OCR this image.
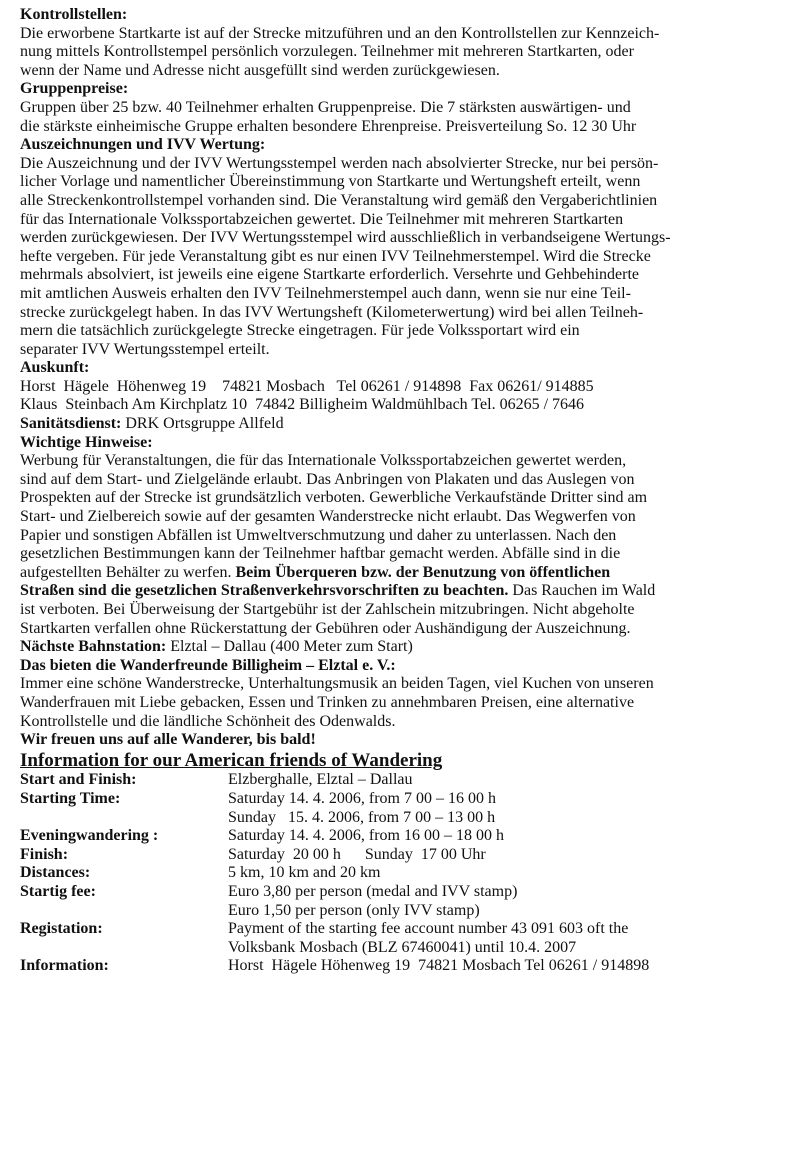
Kontrollstellen:
Die erworbene Startkarte ist auf der Strecke mitzuführen und an den Kontrollstellen zur Kennzeich-
nung mittels Kontrollstempel persönlich vorzulegen. Teilnehmer mit mehreren Startkarten, oder
wenn der Name und Adresse nicht ausgefüllt sind werden zurückgewiesen.
Gruppenpreise:
Gruppen über 25 bzw. 40 Teilnehmer erhalten Gruppenpreise. Die 7 stärksten auswärtigen- und
die stärkste einheimische Gruppe erhalten besondere Ehrenpreise. Preisverteilung So. 12 30 Uhr
Auszeichnungen und IVV Wertung:
Die Auszeichnung und der IVV Wertungsstempel werden nach absolvierter Strecke, nur bei persön-
licher Vorlage und namentlicher Übereinstimmung von Startkarte und Wertungsheft erteilt, wenn
alle Streckenkontrollstempel vorhanden sind. Die Veranstaltung wird gemäß den Vergaberichtlinien
für das Internationale Volkssportabzeichen gewertet. Die Teilnehmer mit mehreren Startkarten
werden zurückgewiesen. Der IVV Wertungsstempel wird ausschließlich in verbandseigene Wertungs-
hefte vergeben. Für jede Veranstaltung gibt es nur einen IVV Teilnehmerstempel. Wird die Strecke
mehrmals absolviert, ist jeweils eine eigene Startkarte erforderlich. Versehrte und Gehbehinderte
mit amtlichen Ausweis erhalten den IVV Teilnehmerstempel auch dann, wenn sie nur eine Teil-
strecke zurückgelegt haben. In das IVV Wertungsheft (Kilometerwertung) wird bei allen Teilneh-
mern die tatsächlich zurückgelegte Strecke eingetragen. Für jede Volkssportart wird ein
separater IVV Wertungsstempel erteilt.
Auskunft:
Horst  Hägele  Höhenweg 19    74821 Mosbach   Tel 06261 / 914898  Fax 06261/ 914885
Klaus  Steinbach Am Kirchplatz 10  74842 Billigheim Waldmühlbach Tel. 06265 / 7646
Sanitätsdienst: DRK Ortsgruppe Allfeld
Wichtige Hinweise:
Werbung für Veranstaltungen, die für das Internationale Volkssportabzeichen gewertet werden,
sind auf dem Start- und Zielgelände erlaubt. Das Anbringen von Plakaten und das Auslegen von
Prospekten auf der Strecke ist grundsätzlich verboten. Gewerbliche Verkaufstände Dritter sind am
Start- und Zielbereich sowie auf der gesamten Wanderstrecke nicht erlaubt. Das Wegwerfen von
Papier und sonstigen Abfällen ist Umweltverschmutzung und daher zu unterlassen. Nach den
gesetzlichen Bestimmungen kann der Teilnehmer haftbar gemacht werden. Abfälle sind in die
aufgestellten Behälter zu werfen. Beim Überqueren bzw. der Benutzung von öffentlichen
Straßen sind die gesetzlichen Straßenverkehrsvorschriften zu beachten. Das Rauchen im Wald
ist verboten. Bei Überweisung der Startgebühr ist der Zahlschein mitzubringen. Nicht abgeholte
Startkarten verfallen ohne Rückerstattung der Gebühren oder Aushändigung der Auszeichnung.
Nächste Bahnstation: Elztal – Dallau (400 Meter zum Start)
Das bieten die Wanderfreunde Billigheim – Elztal e. V.:
Immer eine schöne Wanderstrecke, Unterhaltungsmusik an beiden Tagen, viel Kuchen von unseren
Wanderfrauen mit Liebe gebacken, Essen und Trinken zu annehmbaren Preisen, eine alternative
Kontrollstelle und die ländliche Schönheit des Odenwalds.
Wir freuen uns auf alle Wanderer, bis bald!
Information for our American friends of Wandering
Start and Finish:	Elzberghalle, Elztal – Dallau
Starting Time:	Saturday 14. 4. 2006, from 7 00 – 16 00 h
Sunday   15. 4. 2006, from 7 00 – 13 00 h

Eveningwandering :	Saturday 14. 4. 2006, from 16 00 – 18 00 h
Finish:	Saturday  20 00 h      Sunday  17 00 Uhr
Distances:	5 km, 10 km and 20 km
Startig fee:	Euro 3,80 per person (medal and IVV stamp)
Euro 1,50 per person (only IVV stamp)

Registation:	Payment of the starting fee account number 43 091 603 oft the
Volksbank Mosbach (BLZ 67460041) until 10.4. 2007

Information:	Horst  Hägele Höhenweg 19  74821 Mosbach Tel 06261 / 914898
